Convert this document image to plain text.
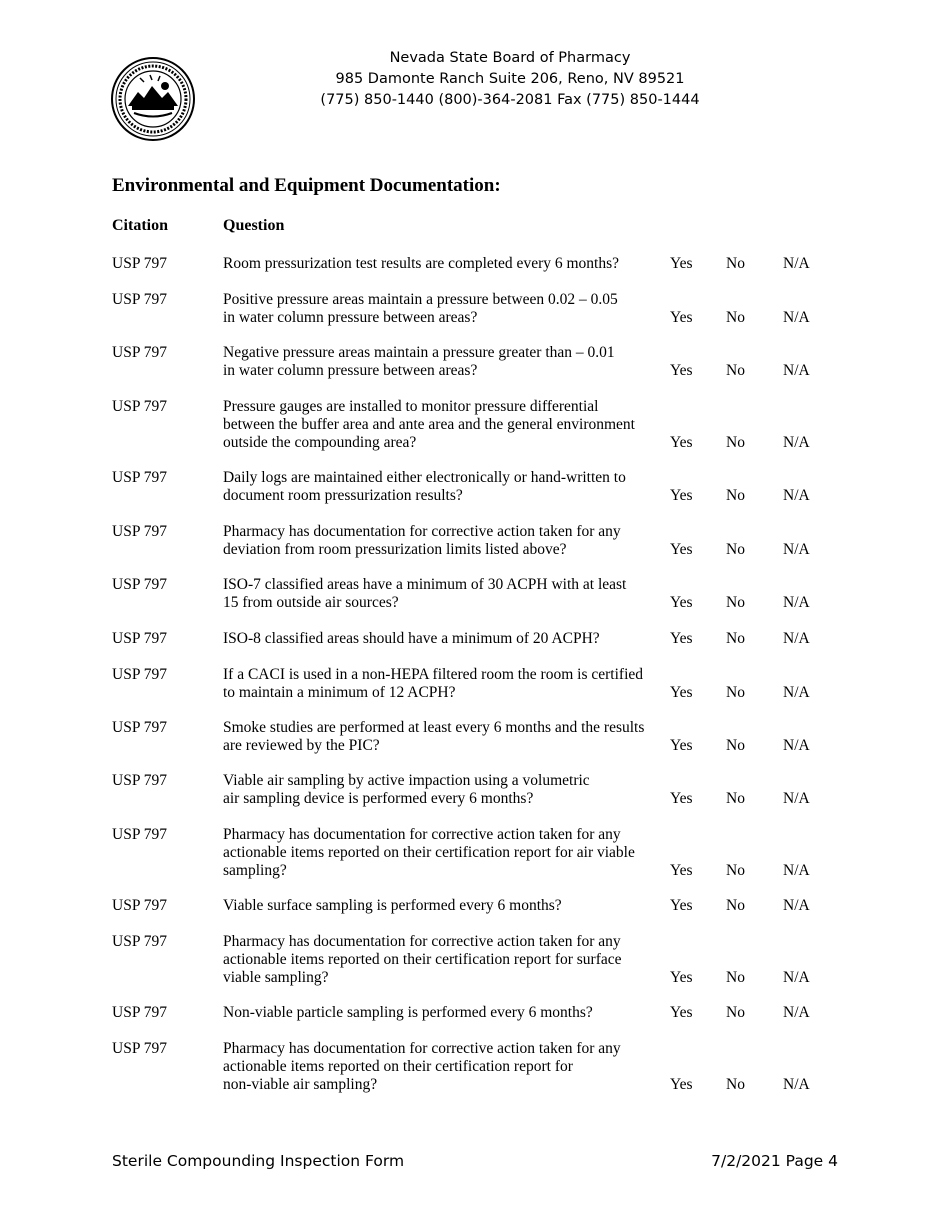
Nevada State Board of Pharmacy
985 Damonte Ranch Suite 206, Reno, NV 89521
(775) 850-1440 (800)-364-2081 Fax (775) 850-1444
Environmental and Equipment Documentation:
Citation	Question
USP 797	Room pressurization test results are completed every 6 months?	Yes No N/A
USP 797	Positive pressure areas maintain a pressure between 0.02 – 0.05
in water column pressure between areas?	Yes No N/A
USP 797	Negative pressure areas maintain a pressure greater than – 0.01
in water column pressure between areas?	Yes No N/A
USP 797	Pressure gauges are installed to monitor pressure differential
between the buffer area and ante area and the general environment
outside the compounding area?	Yes No N/A
USP 797	Daily logs are maintained either electronically or hand-written to
document room pressurization results?	Yes No N/A
USP 797	Pharmacy has documentation for corrective action taken for any
deviation from room pressurization limits listed above?	Yes No N/A
USP 797	ISO-7 classified areas have a minimum of 30 ACPH with at least
15 from outside air sources?	Yes No N/A
USP 797	ISO-8 classified areas should have a minimum of 20 ACPH?	Yes No N/A
USP 797	If a CACI is used in a non-HEPA filtered room the room is certified
to maintain a minimum of 12 ACPH?	Yes No N/A
USP 797	Smoke studies are performed at least every 6 months and the results
are reviewed by the PIC?	Yes No N/A
USP 797	Viable air sampling by active impaction using a volumetric
air sampling device is performed every 6 months?	Yes No N/A
USP 797	Pharmacy has documentation for corrective action taken for any
actionable items reported on their certification report for air viable
sampling?	Yes No N/A
USP 797	Viable surface sampling is performed every 6 months?	Yes No N/A
USP 797	Pharmacy has documentation for corrective action taken for any
actionable items reported on their certification report for surface
viable sampling?	Yes No N/A
USP 797	Non-viable particle sampling is performed every 6 months?	Yes No N/A
USP 797	Pharmacy has documentation for corrective action taken for any
actionable items reported on their certification report for
non-viable air sampling?	Yes No N/A
Sterile Compounding Inspection Form	7/2/2021 Page 4
